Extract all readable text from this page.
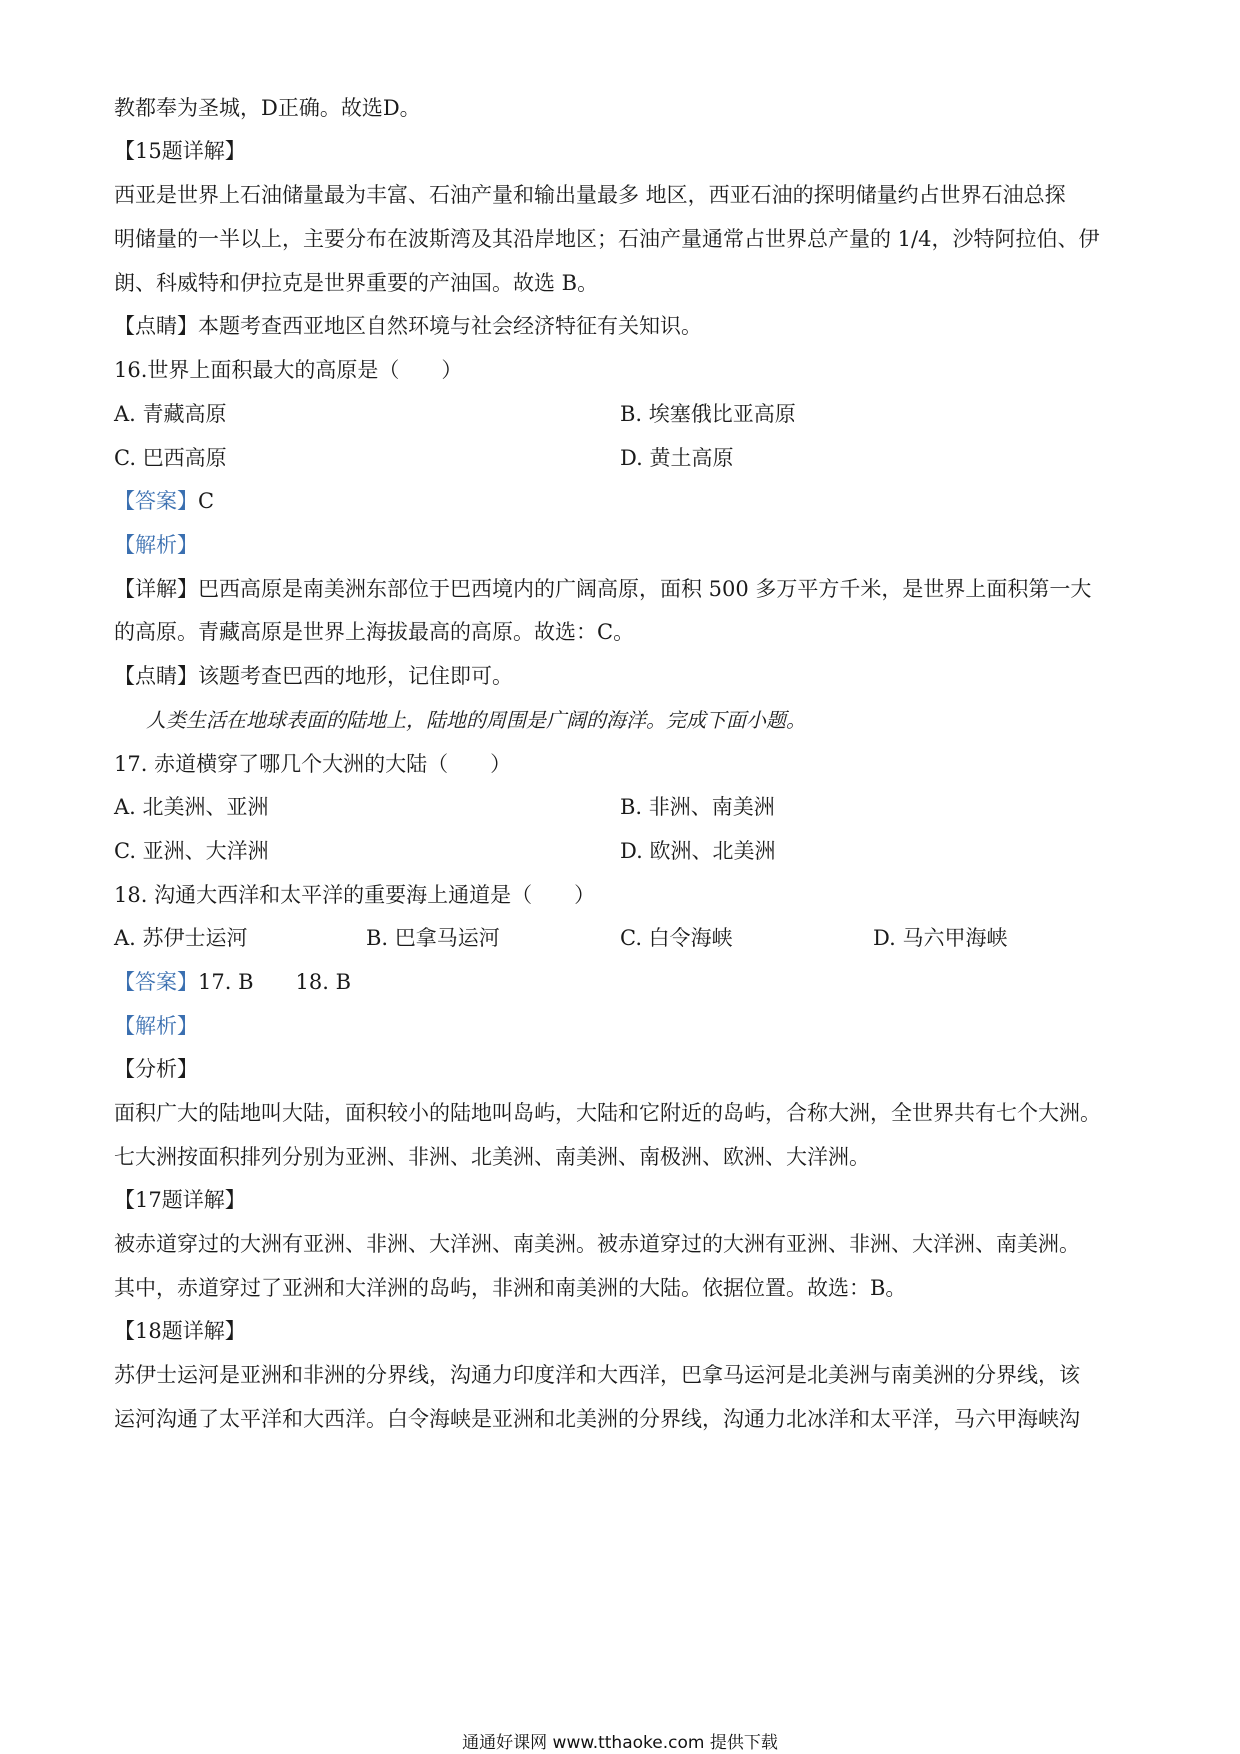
教都奉为圣城，D正确。故选D。
【15题详解】
西亚是世界上石油储量最为丰富、石油产量和输出量最多 地区，西亚石油的探明储量约占世界石油总探
明储量的一半以上，主要分布在波斯湾及其沿岸地区；石油产量通常占世界总产量的 1/4，沙特阿拉伯、伊
朗、科威特和伊拉克是世界重要的产油国。故选 B。
【点睛】本题考查西亚地区自然环境与社会经济特征有关知识。
16.世界上面积最大的高原是（　　）
A. 青藏高原	B. 埃塞俄比亚高原
C. 巴西高原	D. 黄土高原
【答案】C
【解析】
【详解】巴西高原是南美洲东部位于巴西境内的广阔高原，面积 500 多万平方千米，是世界上面积第一大
的高原。青藏高原是世界上海拔最高的高原。故选：C。
【点睛】该题考查巴西的地形，记住即可。
人类生活在地球表面的陆地上，陆地的周围是广阔的海洋。完成下面小题。
17. 赤道横穿了哪几个大洲的大陆（　　）
A. 北美洲、亚洲	B. 非洲、南美洲
C. 亚洲、大洋洲	D. 欧洲、北美洲
18. 沟通大西洋和太平洋的重要海上通道是（　　）
A. 苏伊士运河	B. 巴拿马运河	C. 白令海峡	D. 马六甲海峡
【答案】17. B　　18. B
【解析】
【分析】
面积广大的陆地叫大陆，面积较小的陆地叫岛屿，大陆和它附近的岛屿，合称大洲，全世界共有七个大洲。
七大洲按面积排列分别为亚洲、非洲、北美洲、南美洲、南极洲、欧洲、大洋洲。
【17题详解】
被赤道穿过的大洲有亚洲、非洲、大洋洲、南美洲。被赤道穿过的大洲有亚洲、非洲、大洋洲、南美洲。
其中，赤道穿过了亚洲和大洋洲的岛屿，非洲和南美洲的大陆。依据位置。故选：B。
【18题详解】
苏伊士运河是亚洲和非洲的分界线，沟通力印度洋和大西洋，巴拿马运河是北美洲与南美洲的分界线，该
运河沟通了太平洋和大西洋。白令海峡是亚洲和北美洲的分界线，沟通力北冰洋和太平洋，马六甲海峡沟
通通好课网 www.tthaoke.com 提供下载
